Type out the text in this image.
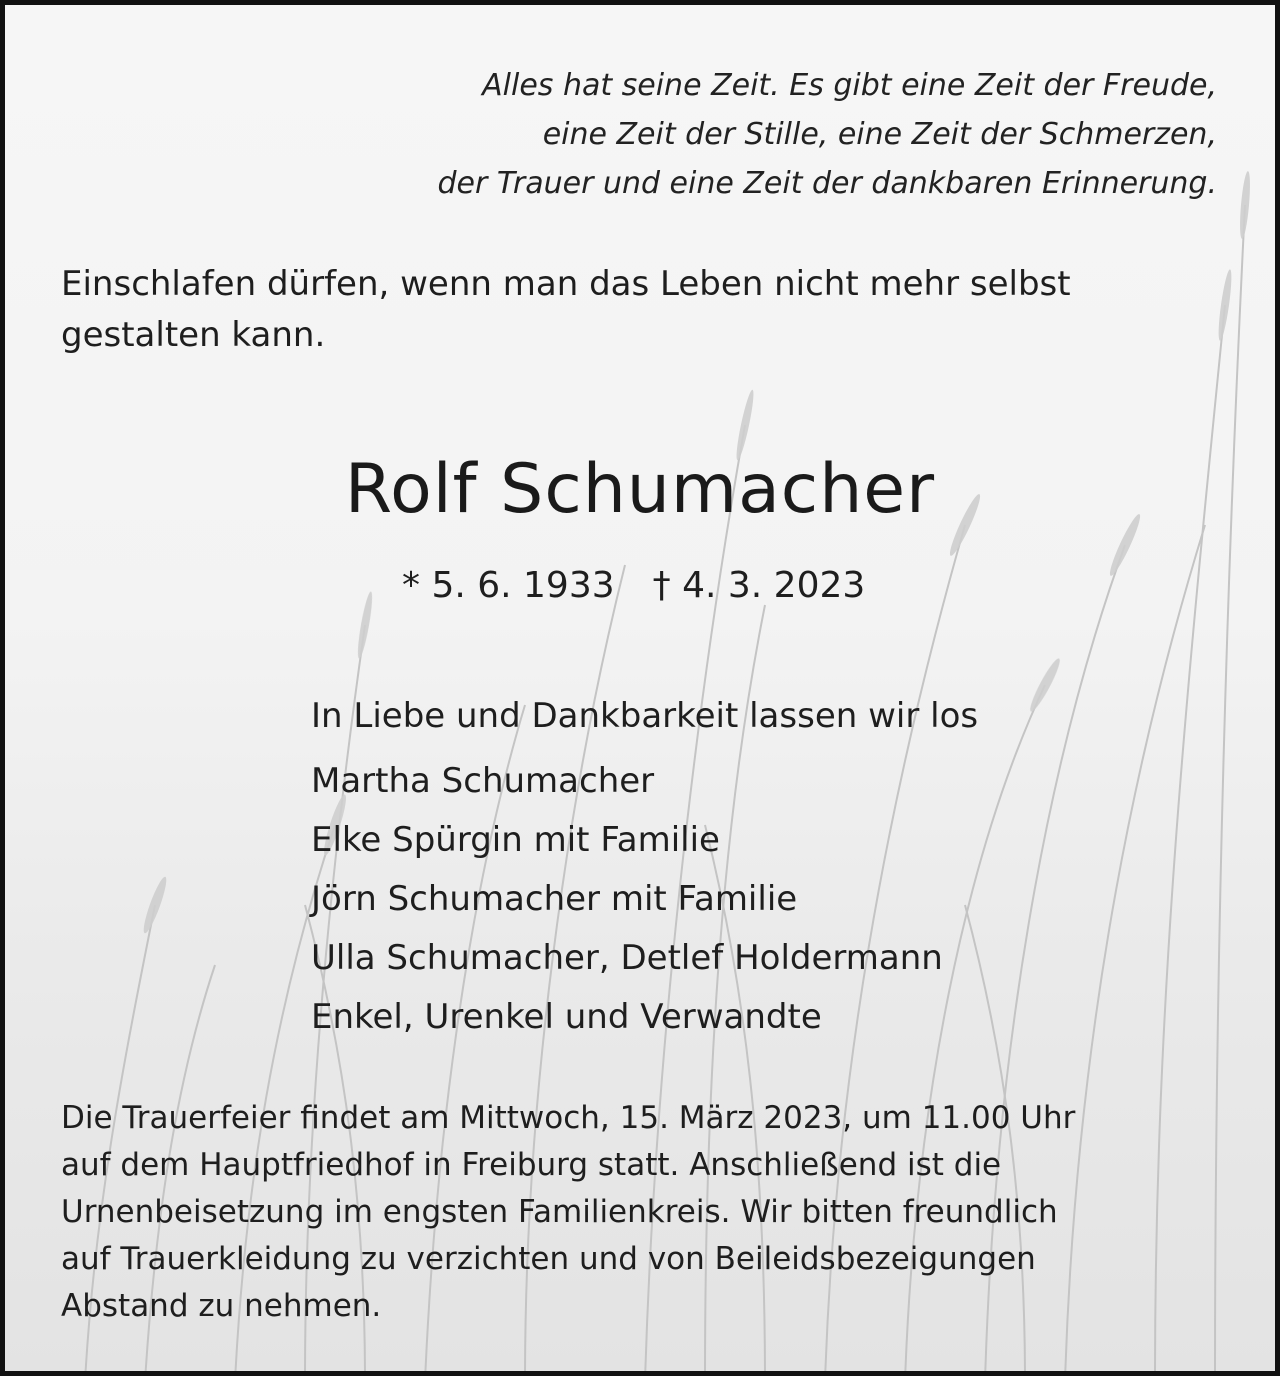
Alles hat seine Zeit. Es gibt eine Zeit der Freude,
eine Zeit der Stille, eine Zeit der Schmerzen,
der Trauer und eine Zeit der dankbaren Erinnerung.
Einschlafen dürfen, wenn man das Leben nicht mehr selbst
gestalten kann.
Rolf Schumacher
* 5. 6. 1933 † 4. 3. 2023
In Liebe und Dankbarkeit lassen wir los
Martha Schumacher
Elke Spürgin mit Familie
Jörn Schumacher mit Familie
Ulla Schumacher, Detlef Holdermann
Enkel, Urenkel und Verwandte
Die Trauerfeier findet am Mittwoch, 15. März 2023, um 11.00 Uhr
auf dem Hauptfriedhof in Freiburg statt. Anschließend ist die
Urnenbeisetzung im engsten Familienkreis. Wir bitten freundlich
auf Trauerkleidung zu verzichten und von Beileidsbezeigungen
Abstand zu nehmen.
